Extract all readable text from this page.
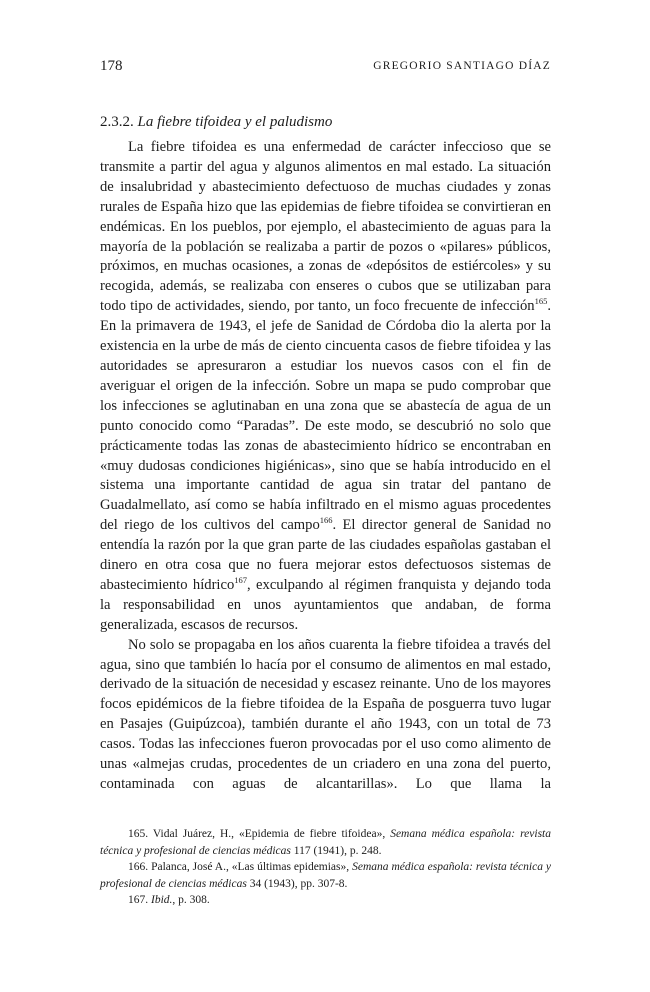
178	GREGORIO SANTIAGO DÍAZ
2.3.2. La fiebre tifoidea y el paludismo

La fiebre tifoidea es una enfermedad de carácter infeccioso que se transmite a partir del agua y algunos alimentos en mal estado. La situación de insalubridad y abastecimiento defectuoso de muchas ciudades y zonas rurales de España hizo que las epidemias de fiebre tifoidea se convirtieran en endémicas. En los pueblos, por ejemplo, el abastecimiento de aguas para la mayoría de la población se realizaba a partir de pozos o «pilares» públicos, próximos, en muchas ocasiones, a zonas de «depósitos de estiércoles» y su recogida, además, se realizaba con enseres o cubos que se utilizaban para todo tipo de actividades, siendo, por tanto, un foco frecuente de infección$^{165}$. En la primavera de 1943, el jefe de Sanidad de Córdoba dio la alerta por la existencia en la urbe de más de ciento cincuenta casos de fiebre tifoidea y las autoridades se apresuraron a estudiar los nuevos casos con el fin de averiguar el origen de la infección. Sobre un mapa se pudo comprobar que los infecciones se aglutinaban en una zona que se abastecía de agua de un punto conocido como “Paradas”. De este modo, se descubrió no solo que prácticamente todas las zonas de abastecimiento hídrico se encontraban en «muy dudosas condiciones higiénicas», sino que se había introducido en el sistema una importante cantidad de agua sin tratar del pantano de Guadalmellato, así como se había infiltrado en el mismo aguas procedentes del riego de los cultivos del campo$^{166}$. El director general de Sanidad no entendía la razón por la que gran parte de las ciudades españolas gastaban el dinero en otra cosa que no fuera mejorar estos defectuosos sistemas de abastecimiento hídrico$^{167}$, exculpando al régimen franquista y dejando toda la responsabilidad en unos ayuntamientos que andaban, de forma generalizada, escasos de recursos.

No solo se propagaba en los años cuarenta la fiebre tifoidea a través del agua, sino que también lo hacía por el consumo de alimentos en mal estado, derivado de la situación de necesidad y escasez reinante. Uno de los mayores focos epidémicos de la fiebre tifoidea de la España de posguerra tuvo lugar en Pasajes (Guipúzcoa), también durante el año 1943, con un total de 73 casos. Todas las infecciones fueron provocadas por el uso como alimento de unas «almejas crudas, procedentes de un criadero en una zona del puerto, contaminada con aguas de alcantarillas». Lo que llama la

165. Vidal Juárez, H., «Epidemia de fiebre tifoidea», Semana médica española: revista técnica y profesional de ciencias médicas 117 (1941), p. 248.

166. Palanca, José A., «Las últimas epidemias», Semana médica española: revista técnica y profesional de ciencias médicas 34 (1943), pp. 307-8.

167. Ibid., p. 308.
